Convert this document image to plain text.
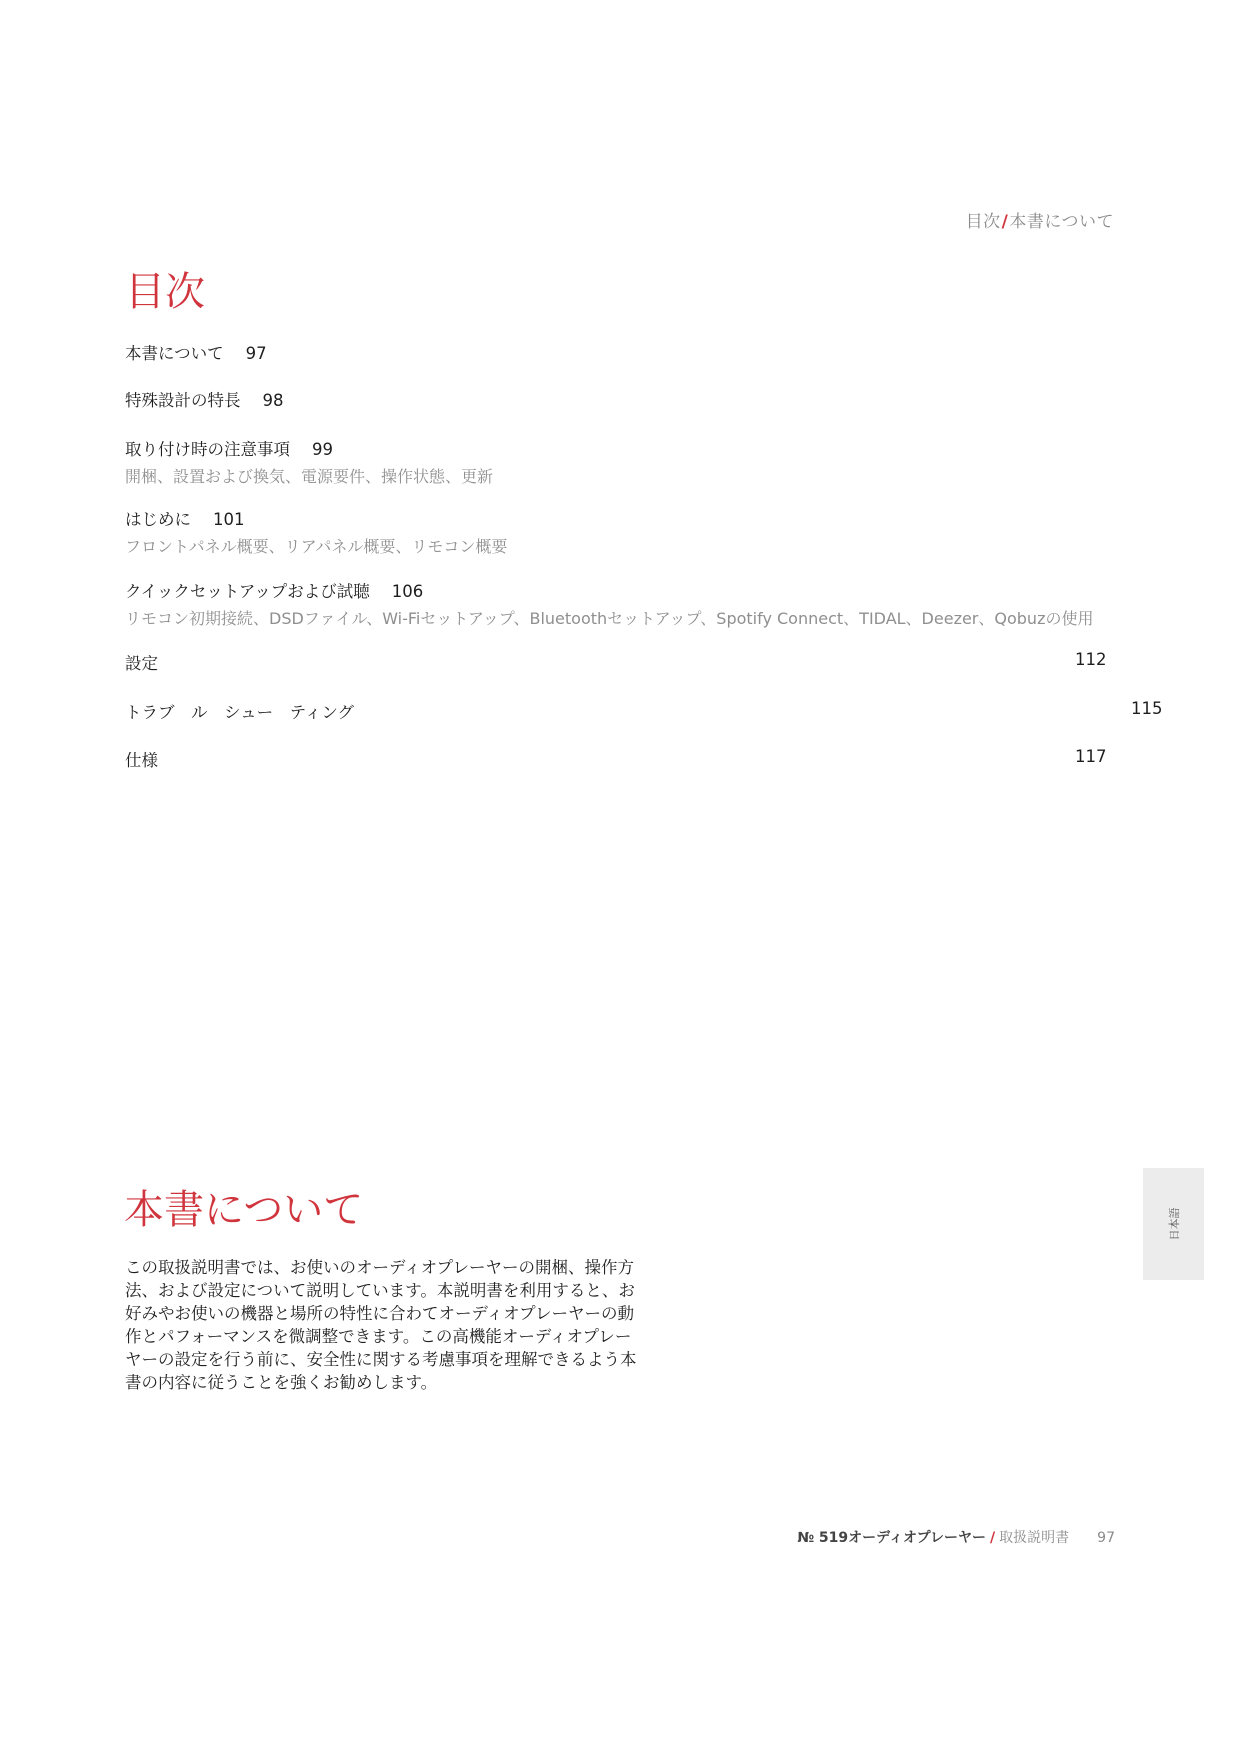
目次/本書について
目次
本書について 97
特殊設計の特長 98
取り付け時の注意事項 99
開梱、設置および換気、電源要件、操作状態、更新
はじめに 101
フロントパネル概要、リアパネル概要、リモコン概要
クイックセットアップおよび試聴 106
リモコン初期接続、DSDファイル、Wi-Fiセットアップ、Bluetoothセットアップ、Spotify Connect、TIDAL、Deezer、Qobuzの使用
設定	112
トラブ　ル　シュー　ティング	115
仕様	117
日本語
本書について

この取扱説明書では、お使いのオーディオプレーヤーの開梱、操作方法、および設定について説明しています。本説明書を利用すると、お好みやお使いの機器と場所の特性に合わてオーディオプレーヤーの動作とパフォーマンスを微調整できます。この高機能オーディオプレーヤーの設定を行う前に、安全性に関する考慮事項を理解できるよう本書の内容に従うことを強くお勧めします。

№ 519オーディオプレーヤー / 取扱説明書 97
